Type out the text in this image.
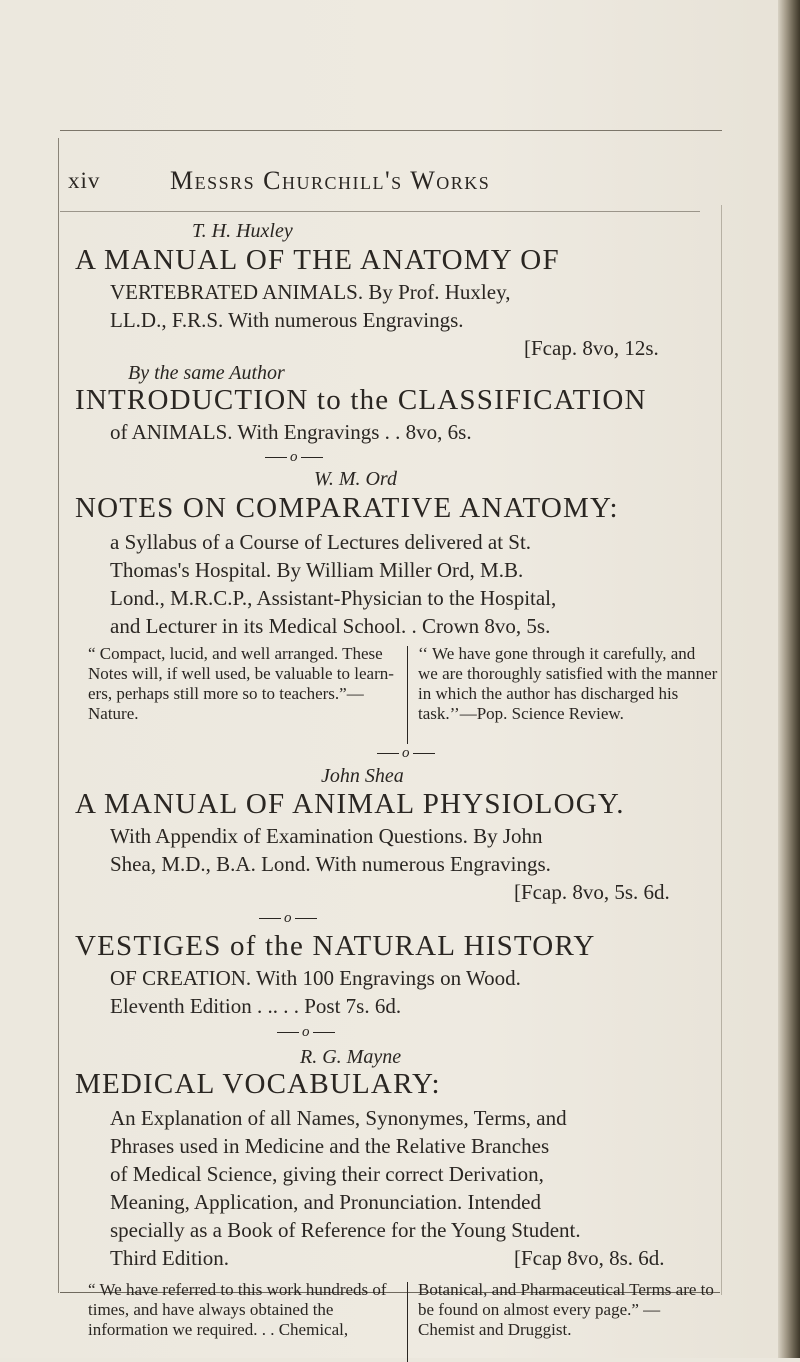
xiv	Messrs Churchill's Works
T. H. Huxley
A MANUAL OF THE ANATOMY OF
VERTEBRATED ANIMALS. By Prof. Huxley,
LL.D., F.R.S. With numerous Engravings.
[Fcap. 8vo, 12s.
By the same Author
INTRODUCTION to the CLASSIFICATION
of ANIMALS. With Engravings . . 8vo, 6s.
o
W. M. Ord
NOTES ON COMPARATIVE ANATOMY:
a Syllabus of a Course of Lectures delivered at St.
Thomas's Hospital. By William Miller Ord, M.B.
Lond., M.R.C.P., Assistant-Physician to the Hospital,
and Lecturer in its Medical School. . Crown 8vo, 5s.
“ Compact, lucid, and well arranged. These Notes will, if well used, be valuable to learn-ers, perhaps still more so to teachers.”—Nature.
‘‘ We have gone through it carefully, and we are thoroughly satisfied with the manner in which the author has discharged his task.’’—Pop. Science Review.
o
John Shea
A MANUAL OF ANIMAL PHYSIOLOGY.
With Appendix of Examination Questions. By John
Shea, M.D., B.A. Lond. With numerous Engravings.
[Fcap. 8vo, 5s. 6d.
o
VESTIGES of the NATURAL HISTORY
OF CREATION. With 100 Engravings on Wood.
Eleventh Edition . .. . . Post 7s. 6d.
o
R. G. Mayne
MEDICAL VOCABULARY:
An Explanation of all Names, Synonymes, Terms, and
Phrases used in Medicine and the Relative Branches
of Medical Science, giving their correct Derivation,
Meaning, Application, and Pronunciation. Intended
specially as a Book of Reference for the Young Student.
Third Edition.	[Fcap 8vo, 8s. 6d.
“ We have referred to this work hundreds of times, and have always obtained the information we required. . . Chemical,
Botanical, and Pharmaceutical Terms are to be found on almost every page.” — Chemist and Druggist.
